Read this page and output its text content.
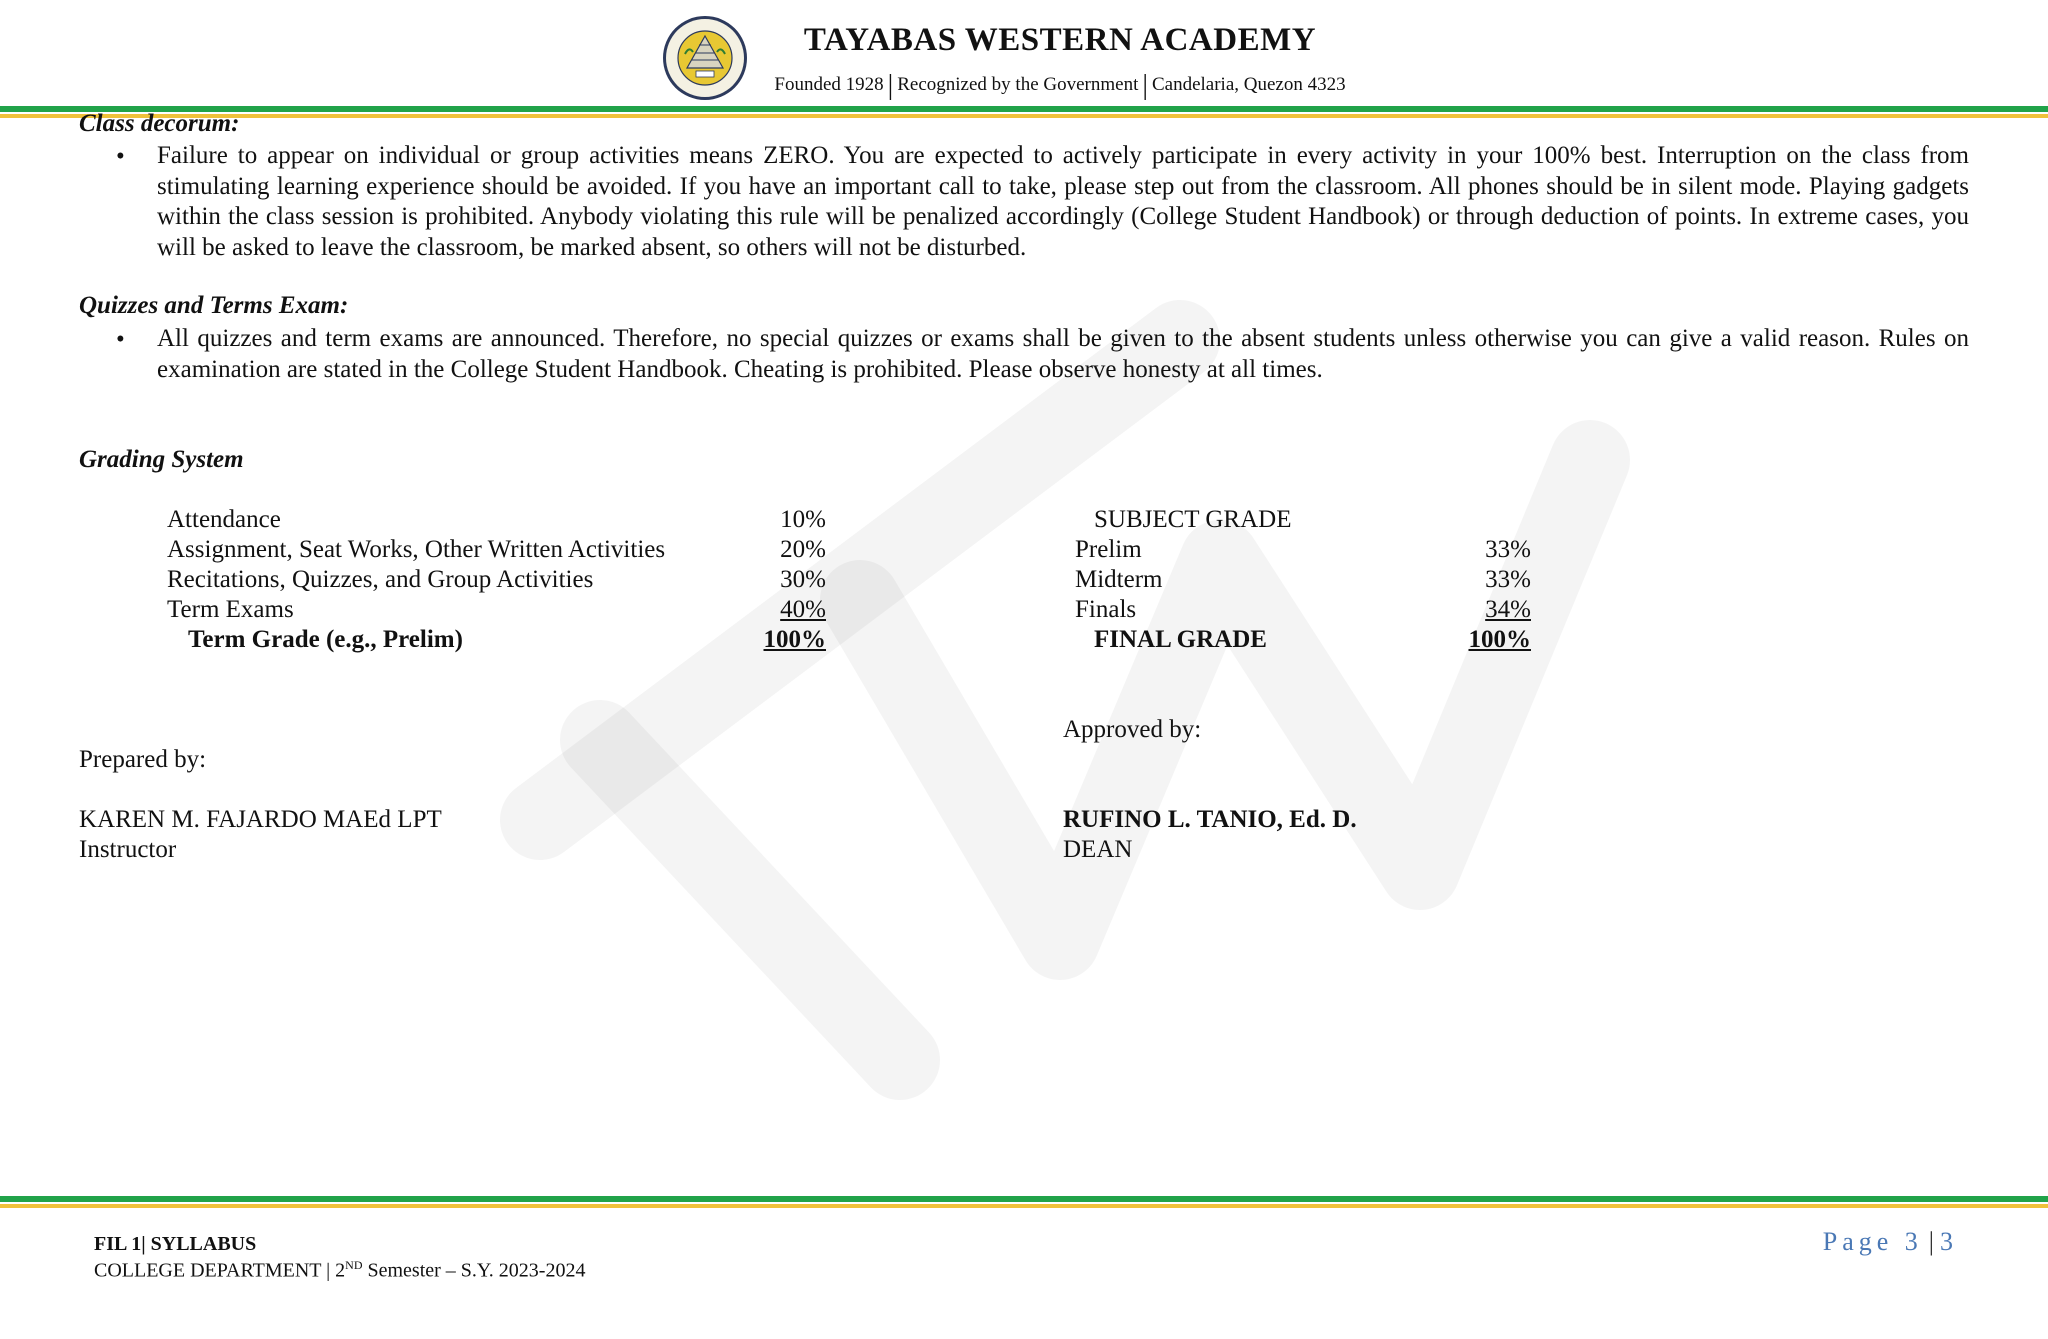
TAYABAS WESTERN ACADEMY
Founded 1928 | Recognized by the Government | Candelaria, Quezon 4323
Class decorum:
• Failure to appear on individual or group activities means ZERO. You are expected to actively participate in every activity in your 100% best. Interruption on the class from stimulating learning experience should be avoided. If you have an important call to take, please step out from the classroom. All phones should be in silent mode. Playing gadgets within the class session is prohibited. Anybody violating this rule will be penalized accordingly (College Student Handbook) or through deduction of points. In extreme cases, you will be asked to leave the classroom, be marked absent, so others will not be disturbed.
Quizzes and Terms Exam:
• All quizzes and term exams are announced. Therefore, no special quizzes or exams shall be given to the absent students unless otherwise you can give a valid reason. Rules on examination are stated in the College Student Handbook. Cheating is prohibited. Please observe honesty at all times.
Grading System
Attendance	10%
Assignment, Seat Works, Other Written Activities	20%
Recitations, Quizzes, and Group Activities	30%
Term Exams	40%
Term Grade (e.g., Prelim)	100%
SUBJECT GRADE
Prelim	33%
Midterm	33%
Finals	34%
FINAL GRADE	100%
Prepared by:
KAREN M. FAJARDO MAEd LPT
Instructor
Approved by:
RUFINO L. TANIO, Ed. D.
DEAN
FIL 1| SYLLABUS
COLLEGE DEPARTMENT | 2ND Semester – S.Y. 2023-2024
Page 3 | 3
